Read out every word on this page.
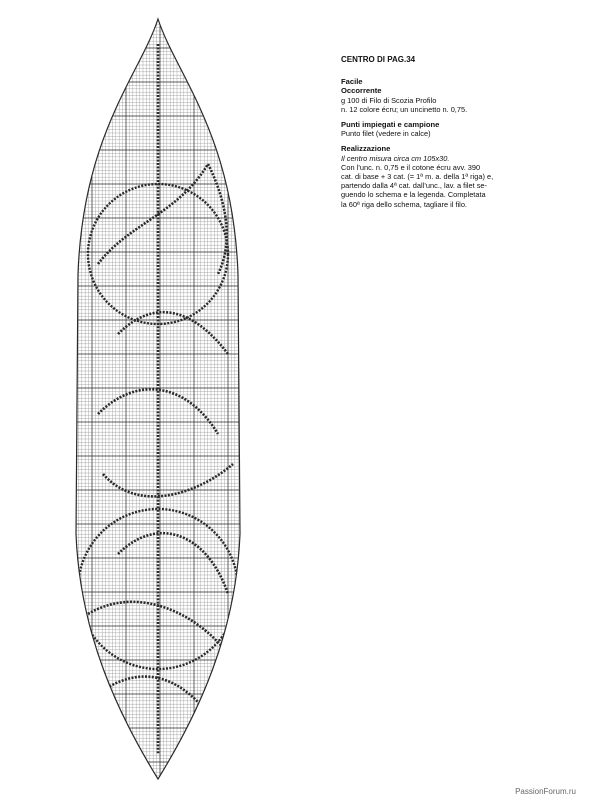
CENTRO DI PAG.34
Facile
Occorrente
g 100 di Filo di Scozia Profilo
n. 12 colore écru; un uncinetto n. 0,75.
Punti impiegati e campione
Punto filet (vedere in calce)
Realizzazione
Il centro misura circa cm 105x30.
Con l’unc. n. 0,75 e il cotone écru avv. 390
cat. di base + 3 cat. (= 1ª m. a. della 1ª riga) e,
partendo dalla 4ª cat. dall’unc., lav. a filet se-
guendo lo schema e la legenda. Completata
la 60ª riga dello schema, tagliare il filo.
PassionForum.ru
